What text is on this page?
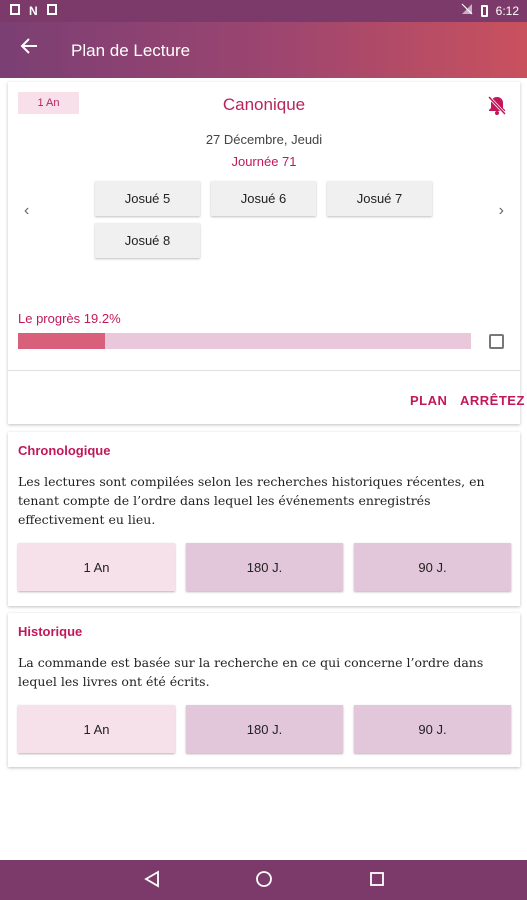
N	6:12
Plan de Lecture
1 An	Canonique
27 Décembre, Jeudi
Journée 71
‹	›
Josué 5	Josué 6	Josué 7
Josué 8
Le progrès 19.2%
PLAN ARRÊTEZ
Chronologique
Les lectures sont compilées selon les recherches historiques récentes, en tenant compte de l’ordre dans lequel les événements enregistrés effectivement eu lieu.
1 An	180 J.	90 J.
Historique
La commande est basée sur la recherche en ce qui concerne l’ordre dans lequel les livres ont été écrits.
1 An	180 J.	90 J.
